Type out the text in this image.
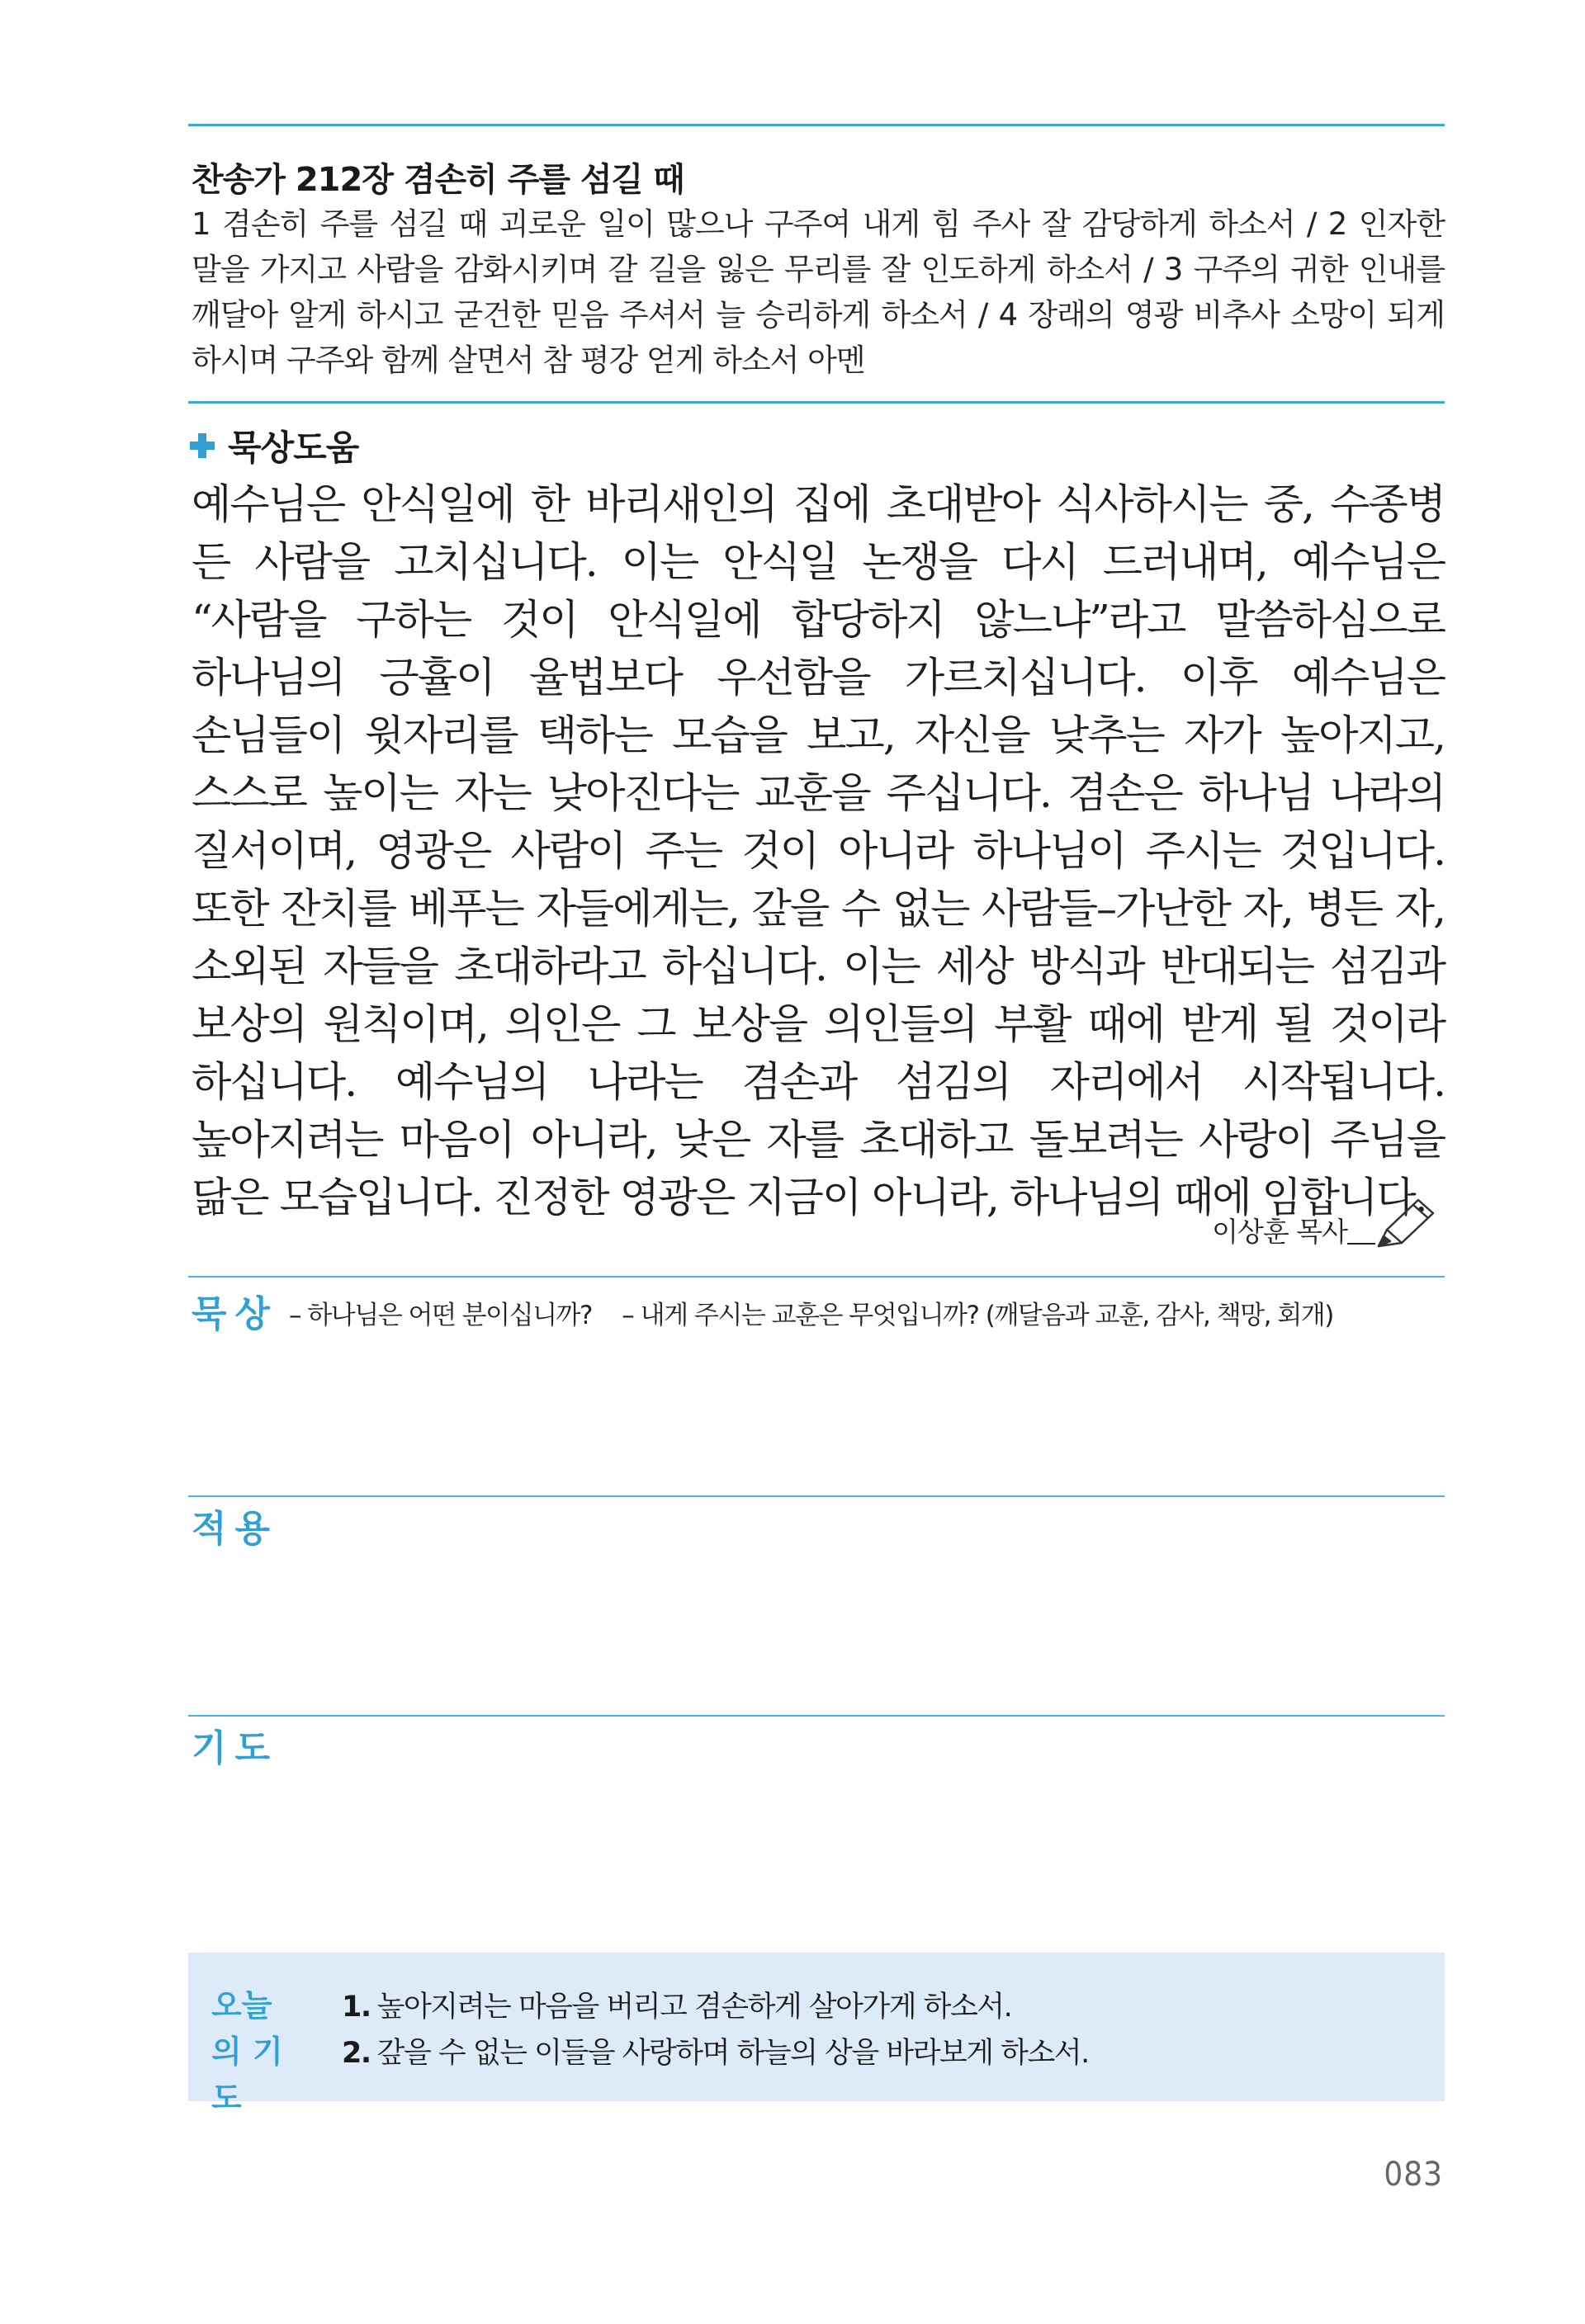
찬송가 212장 겸손히 주를 섬길 때
1 겸손히 주를 섬길 때 괴로운 일이 많으나 구주여 내게 힘 주사 잘 감당하게 하소서 / 2 인자한 말을 가지고 사람을 감화시키며 갈 길을 잃은 무리를 잘 인도하게 하소서 / 3 구주의 귀한 인내를 깨달아 알게 하시고 굳건한 믿음 주셔서 늘 승리하게 하소서 / 4 장래의 영광 비추사 소망이 되게 하시며 구주와 함께 살면서 참 평강 얻게 하소서 아멘
묵상도움
예수님은 안식일에 한 바리새인의 집에 초대받아 식사하시는 중, 수종병 든 사람을 고치십니다. 이는 안식일 논쟁을 다시 드러내며, 예수님은 “사람을 구하는 것이 안식일에 합당하지 않느냐”라고 말씀하심으로 하나님의 긍휼이 율법보다 우선함을 가르치십니다. 이후 예수님은 손님들이 윗자리를 택하는 모습을 보고, 자신을 낮추는 자가 높아지고, 스스로 높이는 자는 낮아진다는 교훈을 주십니다. 겸손은 하나님 나라의 질서이며, 영광은 사람이 주는 것이 아니라 하나님이 주시는 것입니다. 또한 잔치를 베푸는 자들에게는, 갚을 수 없는 사람들–가난한 자, 병든 자, 소외된 자들을 초대하라고 하십니다. 이는 세상 방식과 반대되는 섬김과 보상의 원칙이며, 의인은 그 보상을 의인들의 부활 때에 받게 될 것이라 하십니다. 예수님의 나라는 겸손과 섬김의 자리에서 시작됩니다. 높아지려는 마음이 아니라, 낮은 자를 초대하고 돌보려는 사랑이 주님을 닮은 모습입니다. 진정한 영광은 지금이 아니라, 하나님의 때에 임합니다.
이상훈 목사
묵상 – 하나님은 어떤 분이십니까? – 내게 주시는 교훈은 무엇입니까? (깨달음과 교훈, 감사, 책망, 회개)
적용
기도
오늘의 기도
1. 높아지려는 마음을 버리고 겸손하게 살아가게 하소서.
2. 갚을 수 없는 이들을 사랑하며 하늘의 상을 바라보게 하소서.
083
